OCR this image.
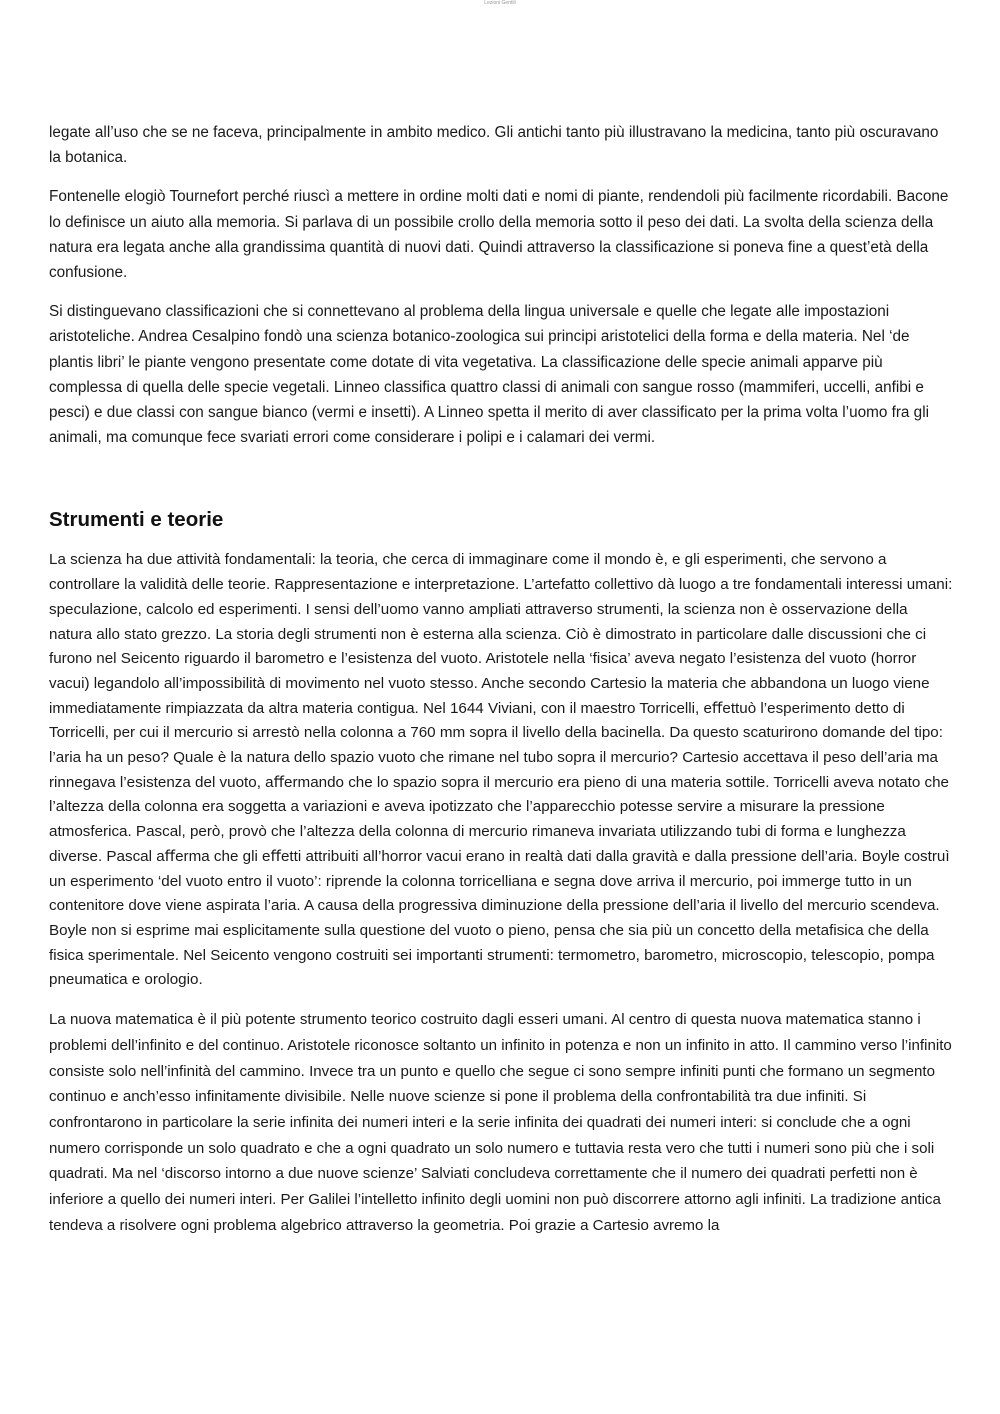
Lezioni Gentili

legate all’uso che se ne faceva, principalmente in ambito medico. Gli antichi tanto più illustravano la medicina, tanto più oscuravano la botanica.

Fontenelle elogiò Tournefort perché riuscì a mettere in ordine molti dati e nomi di piante, rendendoli più facilmente ricordabili. Bacone lo deﬁnisce un aiuto alla memoria. Si parlava di un possibile crollo della memoria sotto il peso dei dati. La svolta della scienza della natura era legata anche alla grandissima quantità di nuovi dati. Quindi attraverso la classiﬁcazione si poneva ﬁne a quest’età della confusione.

Si distinguevano classiﬁcazioni che si connettevano al problema della lingua universale e quelle che legate alle impostazioni aristoteliche. Andrea Cesalpino fondò una scienza botanico-zoologica sui principi aristotelici della forma e della materia. Nel ‘de plantis libri’ le piante vengono presentate come dotate di vita vegetativa. La classiﬁcazione delle specie animali apparve più complessa di quella delle specie vegetali. Linneo classiﬁca quattro classi di animali con sangue rosso (mammiferi, uccelli, anﬁbi e pesci) e due classi con sangue bianco (vermi e insetti). A Linneo spetta il merito di aver classiﬁcato per la prima volta l’uomo fra gli animali, ma comunque fece svariati errori come considerare i polipi e i calamari dei vermi.

Strumenti e teorie

La scienza ha due attività fondamentali: la teoria, che cerca di immaginare come il mondo è, e gli esperimenti, che servono a controllare la validità delle teorie. Rappresentazione e interpretazione. L’artefatto collettivo dà luogo a tre fondamentali interessi umani: speculazione, calcolo ed esperimenti. I sensi dell’uomo vanno ampliati attraverso strumenti, la scienza non è osservazione della natura allo stato grezzo. La storia degli strumenti non è esterna alla scienza. Ciò è dimostrato in particolare dalle discussioni che ci furono nel Seicento riguardo il barometro e l’esistenza del vuoto. Aristotele nella ‘ﬁsica’ aveva negato l’esistenza del vuoto (horror vacui) legandolo all’impossibilità di movimento nel vuoto stesso. Anche secondo Cartesio la materia che abbandona un luogo viene immediatamente rimpiazzata da altra materia contigua. Nel 1644 Viviani, con il maestro Torricelli, eﬀettuò l’esperimento detto di Torricelli, per cui il mercurio si arrestò nella colonna a 760 mm sopra il livello della bacinella. Da questo scaturirono domande del tipo: l’aria ha un peso? Quale è la natura dello spazio vuoto che rimane nel tubo sopra il mercurio? Cartesio accettava il peso dell’aria ma rinnegava l’esistenza del vuoto, aﬀermando che lo spazio sopra il mercurio era pieno di una materia sottile. Torricelli aveva notato che l’altezza della colonna era soggetta a variazioni e aveva ipotizzato che l’apparecchio potesse servire a misurare la pressione atmosferica. Pascal, però, provò che l’altezza della colonna di mercurio rimaneva invariata utilizzando tubi di forma e lunghezza diverse. Pascal aﬀerma che gli eﬀetti attribuiti all’horror vacui erano in realtà dati dalla gravità e dalla pressione dell’aria. Boyle costruì un esperimento ‘del vuoto entro il vuoto’: riprende la colonna torricelliana e segna dove arriva il mercurio, poi immerge tutto in un contenitore dove viene aspirata l’aria. A causa della progressiva diminuzione della pressione dell’aria il livello del mercurio scendeva. Boyle non si esprime mai esplicitamente sulla questione del vuoto o pieno, pensa che sia più un concetto della metaﬁsica che della ﬁsica sperimentale. Nel Seicento vengono costruiti sei importanti strumenti: termometro, barometro, microscopio, telescopio, pompa pneumatica e orologio.

La nuova matematica è il più potente strumento teorico costruito dagli esseri umani. Al centro di questa nuova matematica stanno i problemi dell’inﬁnito e del continuo. Aristotele riconosce soltanto un inﬁnito in potenza e non un inﬁnito in atto. Il cammino verso l’inﬁnito consiste solo nell’inﬁnità del cammino. Invece tra un punto e quello che segue ci sono sempre inﬁniti punti che formano un segmento continuo e anch’esso inﬁnitamente divisibile. Nelle nuove scienze si pone il problema della confrontabilità tra due inﬁniti. Si confrontarono in particolare la serie inﬁnita dei numeri interi e la serie inﬁnita dei quadrati dei numeri interi: si conclude che a ogni numero corrisponde un solo quadrato e che a ogni quadrato un solo numero e tuttavia resta vero che tutti i numeri sono più che i soli quadrati. Ma nel ‘discorso intorno a due nuove scienze’ Salviati concludeva correttamente che il numero dei quadrati perfetti non è inferiore a quello dei numeri interi. Per Galilei l’intelletto inﬁnito degli uomini non può discorrere attorno agli inﬁniti. La tradizione antica tendeva a risolvere ogni problema algebrico attraverso la geometria. Poi grazie a Cartesio avremo la
